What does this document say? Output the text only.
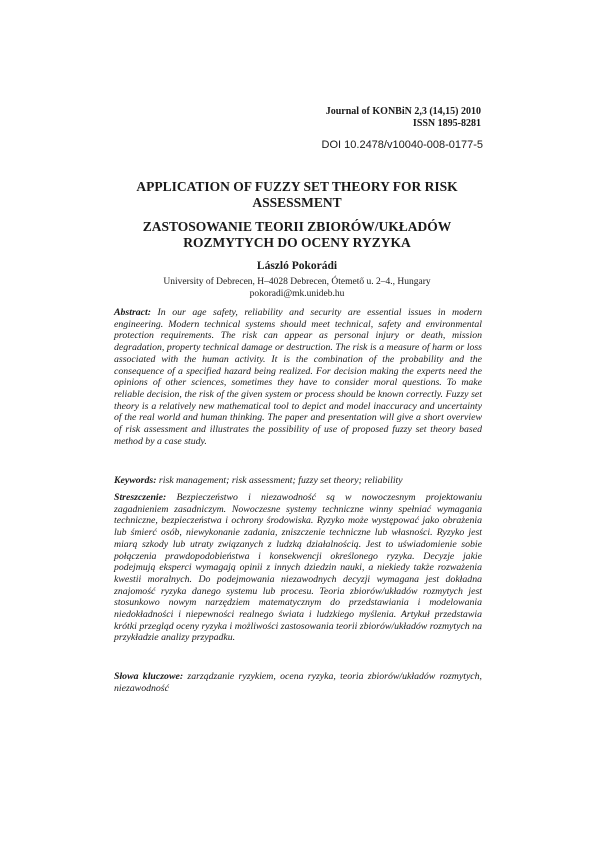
Journal of KONBiN 2,3 (14,15) 2010
ISSN 1895-8281
DOI 10.2478/v10040-008-0177-5
APPLICATION OF FUZZY SET THEORY FOR RISK ASSESSMENT
ZASTOSOWANIE TEORII ZBIORÓW/UKŁADÓW ROZMYTYCH DO OCENY RYZYKA
László Pokorádi
University of Debrecen, H–4028 Debrecen, Ótemető u. 2–4., Hungary
pokoradi@mk.unideb.hu
Abstract: In our age safety, reliability and security are essential issues in modern engineering. Modern technical systems should meet technical, safety and environmental protection requirements. The risk can appear as personal injury or death, mission degradation, property technical damage or destruction. The risk is a measure of harm or loss associated with the human activity. It is the combination of the probability and the consequence of a specified hazard being realized. For decision making the experts need the opinions of other sciences, sometimes they have to consider moral questions. To make reliable decision, the risk of the given system or process should be known correctly. Fuzzy set theory is a relatively new mathematical tool to depict and model inaccuracy and uncertainty of the real world and human thinking. The paper and presentation will give a short overview of risk assessment and illustrates the possibility of use of proposed fuzzy set theory based method by a case study.
Keywords: risk management; risk assessment; fuzzy set theory; reliability
Streszczenie: Bezpieczeństwo i niezawodność są w nowoczesnym projektowaniu zagadnieniem zasadniczym. Nowoczesne systemy techniczne winny spełniać wymagania techniczne, bezpieczeństwa i ochrony środowiska. Ryzyko może występować jako obrażenia lub śmierć osób, niewykonanie zadania, zniszczenie techniczne lub własności. Ryzyko jest miarą szkody lub utraty związanych z ludzką działalnością. Jest to uświadomienie sobie połączenia prawdopodobieństwa i konsekwencji określonego ryzyka. Decyzje jakie podejmują eksperci wymagają opinii z innych dziedzin nauki, a niekiedy także rozważenia kwestii moralnych. Do podejmowania niezawodnych decyzji wymagana jest dokładna znajomość ryzyka danego systemu lub procesu. Teoria zbiorów/układów rozmytych jest stosunkowo nowym narzędziem matematycznym do przedstawiania i modelowania niedokładności i niepewności realnego świata i ludzkiego myślenia. Artykuł przedstawia krótki przegląd oceny ryzyka i możliwości zastosowania teorii zbiorów/układów rozmytych na przykładzie analizy przypadku.
Słowa kluczowe: zarządzanie ryzykiem, ocena ryzyka, teoria zbiorów/układów rozmytych, niezawodność
